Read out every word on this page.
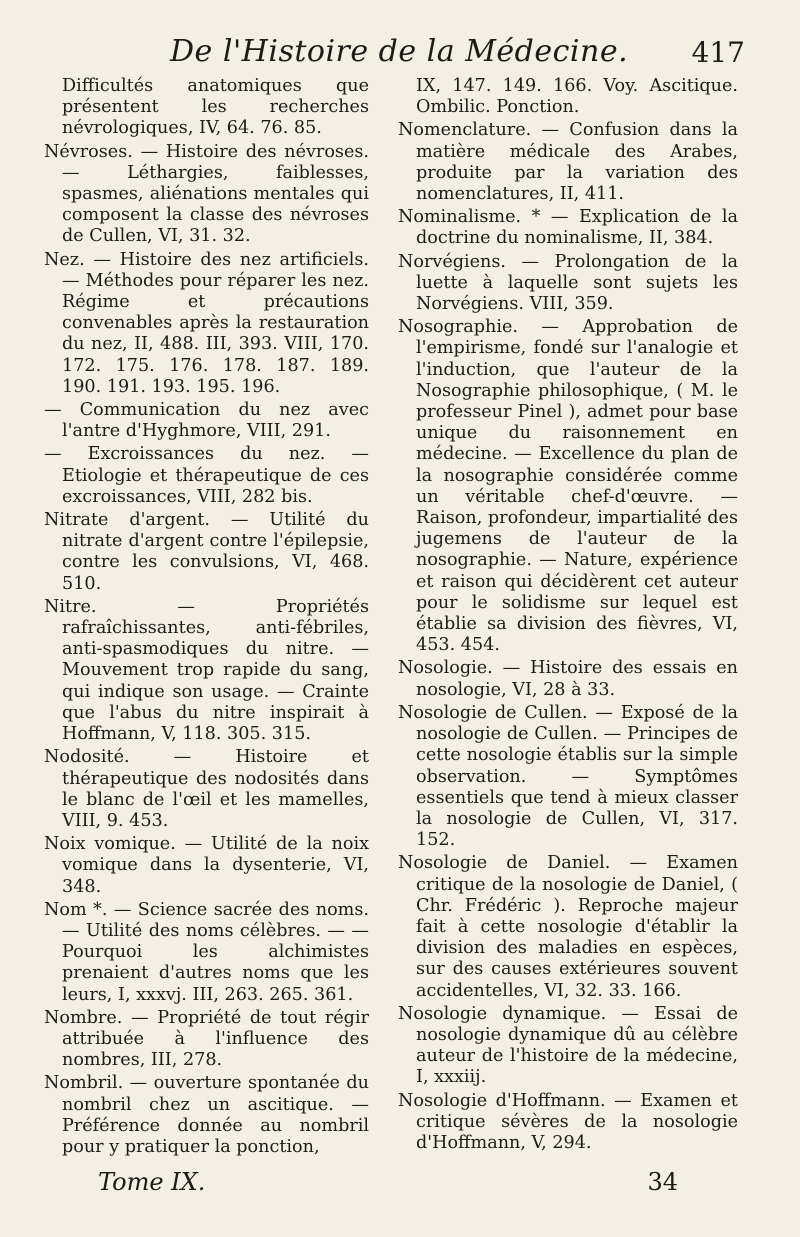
De l'Histoire de la Médecine. 417

Difficultés anatomiques que présentent les recherches névrologiques, IV, 64. 76. 85.

Névroses. — Histoire des névroses. — Léthargies, faiblesses, spasmes, aliénations mentales qui composent la classe des névroses de Cullen, VI, 31. 32.

Nez. — Histoire des nez artificiels. — Méthodes pour réparer les nez. Régime et précautions convenables après la restauration du nez, II, 488. III, 393. VIII, 170. 172. 175. 176. 178. 187. 189. 190. 191. 193. 195. 196.

— Communication du nez avec l'antre d'Hyghmore, VIII, 291.

— Excroissances du nez. — Etiologie et thérapeutique de ces excroissances, VIII, 282 bis.

Nitrate d'argent. — Utilité du nitrate d'argent contre l'épilepsie, contre les convulsions, VI, 468. 510.

Nitre. — Propriétés rafraîchissantes, anti-fébriles, anti-spasmodiques du nitre. — Mouvement trop rapide du sang, qui indique son usage. — Crainte que l'abus du nitre inspirait à Hoffmann, V, 118. 305. 315.

Nodosité. — Histoire et thérapeutique des nodosités dans le blanc de l'œil et les mamelles, VIII, 9. 453.

Noix vomique. — Utilité de la noix vomique dans la dysenterie, VI, 348.

Nom *. — Science sacrée des noms. — Utilité des noms célèbres. — — Pourquoi les alchimistes prenaient d'autres noms que les leurs, I, xxxvj. III, 263. 265. 361.

Nombre. — Propriété de tout régir attribuée à l'influence des nombres, III, 278.

Nombril. — ouverture spontanée du nombril chez un ascitique. — Préférence donnée au nombril pour y pratiquer la ponction,

IX, 147. 149. 166. Voy. Ascitique. Ombilic. Ponction.

Nomenclature. — Confusion dans la matière médicale des Arabes, produite par la variation des nomenclatures, II, 411.

Nominalisme. * — Explication de la doctrine du nominalisme, II, 384.

Norvégiens. — Prolongation de la luette à laquelle sont sujets les Norvégiens. VIII, 359.

Nosographie. — Approbation de l'empirisme, fondé sur l'analogie et l'induction, que l'auteur de la Nosographie philosophique, ( M. le professeur Pinel ), admet pour base unique du raisonnement en médecine. — Excellence du plan de la nosographie considérée comme un véritable chef-d'œuvre. — Raison, profondeur, impartialité des jugemens de l'auteur de la nosographie. — Nature, expérience et raison qui décidèrent cet auteur pour le solidisme sur lequel est établie sa division des fièvres, VI, 453. 454.

Nosologie. — Histoire des essais en nosologie, VI, 28 à 33.

Nosologie de Cullen. — Exposé de la nosologie de Cullen. — Principes de cette nosologie établis sur la simple observation. — Symptômes essentiels que tend à mieux classer la nosologie de Cullen, VI, 317. 152.

Nosologie de Daniel. — Examen critique de la nosologie de Daniel, ( Chr. Frédéric ). Reproche majeur fait à cette nosologie d'établir la division des maladies en espèces, sur des causes extérieures souvent accidentelles, VI, 32. 33. 166.

Nosologie dynamique. — Essai de nosologie dynamique dû au célèbre auteur de l'histoire de la médecine, I, xxxiij.

Nosologie d'Hoffmann. — Examen et critique sévères de la nosologie d'Hoffmann, V, 294.

Tome IX.	34
